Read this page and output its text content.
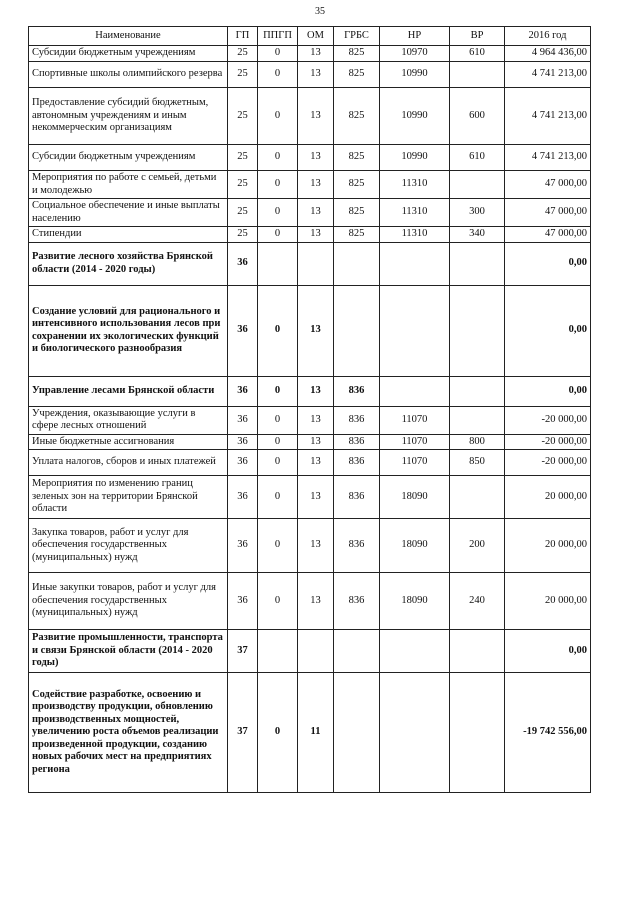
35
Наименование	ГП	ППГП	ОМ	ГРБС	НР	ВР	2016 год
Субсидии бюджетным учреждениям	25	0	13	825	10970	610	4 964 436,00
Спортивные школы олимпийского резерва	25	0	13	825	10990		4 741 213,00
Предоставление субсидий бюджетным, автономным учреждениям и иным некоммерческим организациям	25	0	13	825	10990	600	4 741 213,00
Субсидии бюджетным учреждениям	25	0	13	825	10990	610	4 741 213,00
Мероприятия по работе с семьей, детьми и молодежью	25	0	13	825	11310		47 000,00
Социальное обеспечение и иные выплаты населению	25	0	13	825	11310	300	47 000,00
Стипендии	25	0	13	825	11310	340	47 000,00
Развитие лесного хозяйства Брянской области (2014 - 2020 годы)	36						0,00
Создание условий для рационального и интенсивного использования лесов при сохранении их экологических функций и биологического разнообразия	36	0	13				0,00
Управление лесами Брянской области	36	0	13	836			0,00
Учреждения, оказывающие услуги в сфере лесных отношений	36	0	13	836	11070		-20 000,00
Иные бюджетные ассигнования	36	0	13	836	11070	800	-20 000,00
Уплата налогов, сборов и иных платежей	36	0	13	836	11070	850	-20 000,00
Мероприятия по изменению границ зеленых зон на территории Брянской области	36	0	13	836	18090		20 000,00
Закупка товаров, работ и услуг для обеспечения государственных (муниципальных) нужд	36	0	13	836	18090	200	20 000,00
Иные закупки товаров, работ и услуг для обеспечения государственных (муниципальных) нужд	36	0	13	836	18090	240	20 000,00
Развитие промышленности, транспорта и связи Брянской области (2014 - 2020 годы)	37						0,00
Содействие разработке, освоению и производству продукции, обновлению производственных мощностей, увеличению роста объемов реализации произведенной продукции, созданию новых рабочих мест на предприятиях региона	37	0	11				-19 742 556,00
